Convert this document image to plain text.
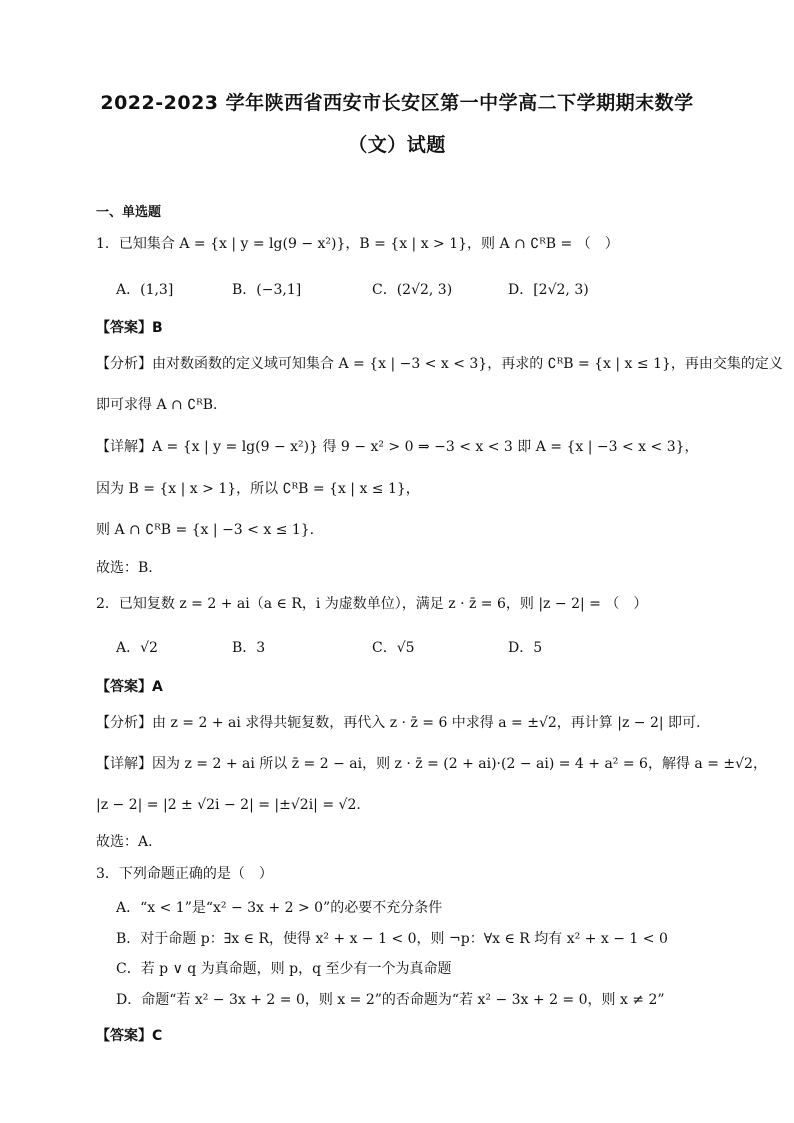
2022-2023 学年陕西省西安市长安区第一中学高二下学期期末数学
（文）试题
一、单选题
1．已知集合 A = {x | y = lg(9 − x²)}，B = {x | x > 1}，则 A ∩ ∁ᴿB = （　）
A．(1,3]	B．(−3,1]	C．(2√2, 3)	D．[2√2, 3)
【答案】B
【分析】由对数函数的定义域可知集合 A = {x | −3 < x < 3}，再求的 ∁ᴿB = {x | x ≤ 1}，再由交集的定义
即可求得 A ∩ ∁ᴿB.
【详解】A = {x | y = lg(9 − x²)} 得 9 − x² > 0 ⇒ −3 < x < 3 即 A = {x | −3 < x < 3}，
因为 B = {x | x > 1}，所以 ∁ᴿB = {x | x ≤ 1}，
则 A ∩ ∁ᴿB = {x | −3 < x ≤ 1}.
故选：B.
2．已知复数 z = 2 + ai（a ∈ R，i 为虚数单位），满足 z · z̄ = 6，则 |z − 2| = （　）
A．√2	B．3	C．√5	D．5
【答案】A
【分析】由 z = 2 + ai 求得共轭复数，再代入 z · z̄ = 6 中求得 a = ±√2，再计算 |z − 2| 即可.
【详解】因为 z = 2 + ai 所以 z̄ = 2 − ai，则 z · z̄ = (2 + ai)·(2 − ai) = 4 + a² = 6，解得 a = ±√2，
|z − 2| = |2 ± √2i − 2| = |±√2i| = √2.
故选：A.
3．下列命题正确的是（　）
A．“x < 1”是“x² − 3x + 2 > 0”的必要不充分条件
B．对于命题 p：∃x ∈ R，使得 x² + x − 1 < 0，则 ¬p：∀x ∈ R 均有 x² + x − 1 < 0
C．若 p ∨ q 为真命题，则 p，q 至少有一个为真命题
D．命题“若 x² − 3x + 2 = 0，则 x = 2”的否命题为“若 x² − 3x + 2 = 0，则 x ≠ 2”
【答案】C
